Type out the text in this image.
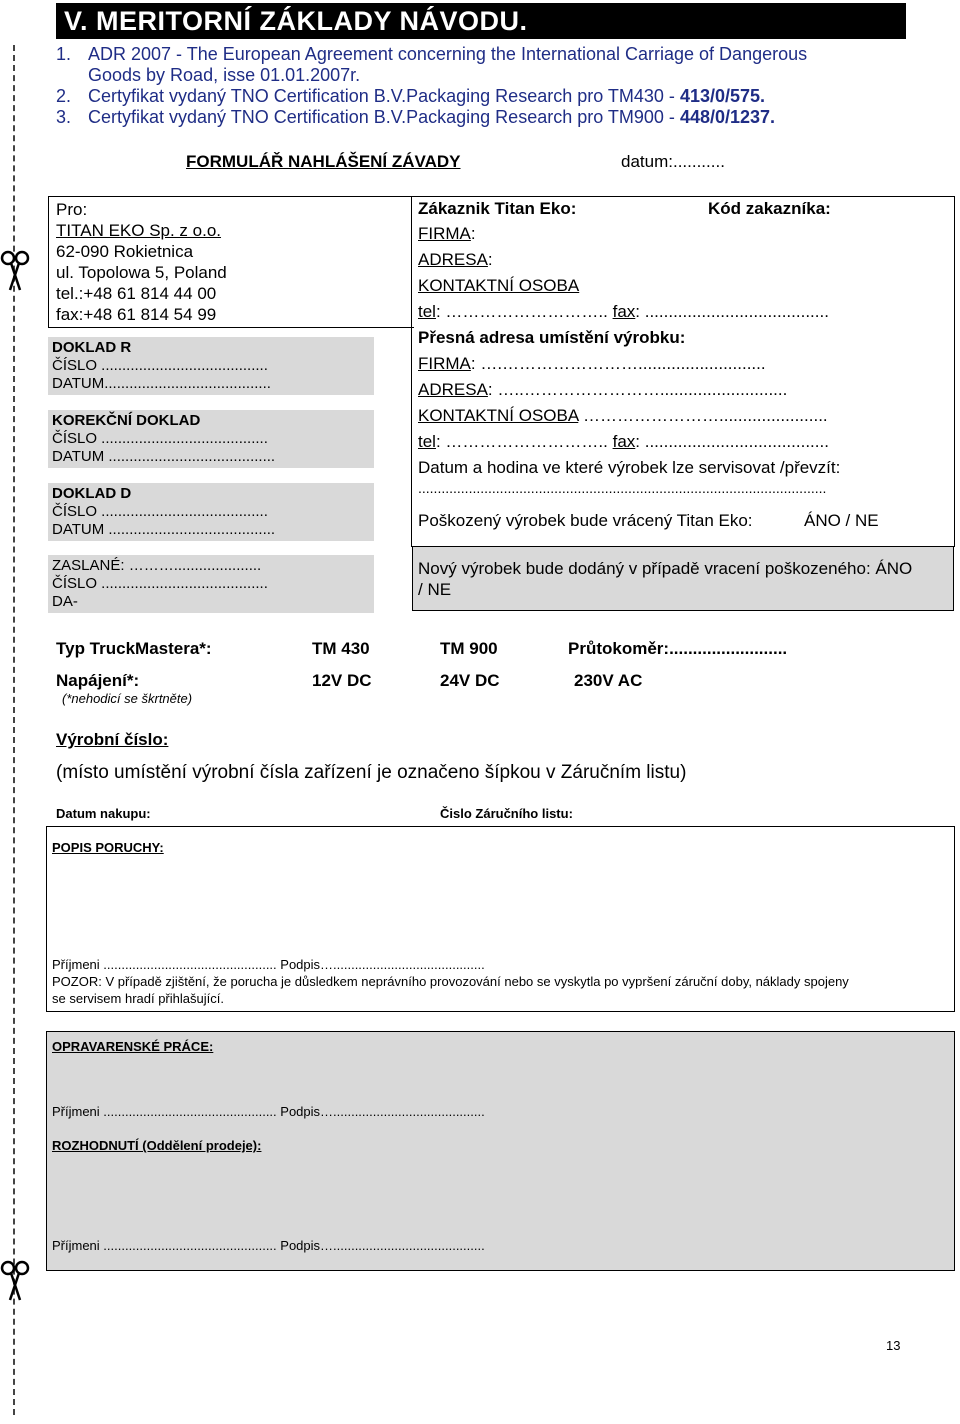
V. MERITORNÍ ZÁKLADY NÁVODU.
1. ADR 2007 - The European Agreement concerning the International Carriage of Dangerous
Goods by Road, isse 01.01.2007r.
2. Certyfikat vydaný TNO Certification B.V.Packaging Research pro TM430 - 413/0/575.
3. Certyfikat vydaný TNO Certification B.V.Packaging Research pro TM900 - 448/0/1237.
FORMULÁŘ NAHLÁŠENÍ ZÁVADY	datum:...........
Pro:
TITAN EKO Sp. z o.o.
62-090 Rokietnica
ul. Topolowa 5, Poland
tel.:+48 61 814 44 00
fax:+48 61 814 54 99
DOKLAD R
ČÍSLO ........................................
DATUM........................................
KOREKČNÍ DOKLAD
ČÍSLO ........................................
DATUM ........................................
DOKLAD D
ČÍSLO ........................................
DATUM ........................................
ZASLANÉ: ……….....................
ČÍSLO ........................................
DA-
Zákaznik Titan Eko:	Kód zakazníka:
FIRMA:
ADRESA:
KONTAKTNÍ OSOBA
tel: ……………………….. fax: .......................................
Přesná adresa umístění výrobku:
FIRMA: ….……………………...........................
ADRESA: …..……………………...........................
KONTAKTNÍ OSOBA …………………….......................
tel: ……………………….. fax: .......................................
Datum a hodina ve které výrobek lze servisovat /převzít:
.........................................................................................................
Poškozený výrobek bude vrácený Titan Eko:	ÁNO / NE
Nový výrobek bude dodáný v případě vracení poškozeného: ÁNO
/ NE
Typ TruckMastera*:	TM 430	TM 900	Průtokoměr:.........................
Napájení*:	12V DC	24V DC	230V AC
(*nehodicí se škrtněte)
Výrobní číslo:
(místo umístění výrobní čísla zařízení je označeno šípkou v Záručním listu)
Datum nakupu:	Čislo Záručního listu:
POPIS PORUCHY:
Příjmeni ................................................ Podpis…..........................................
POZOR: V případě zjištění, že porucha je důsledkem neprávního provozování nebo se vyskytla po vypršení záruční doby, náklady spojeny
se servisem hradí přihlašující.
OPRAVARENSKÉ PRÁCE:
Příjmeni ................................................ Podpis…..........................................
ROZHODNUTÍ (Oddělení prodeje):
Příjmeni ................................................ Podpis…..........................................
13
